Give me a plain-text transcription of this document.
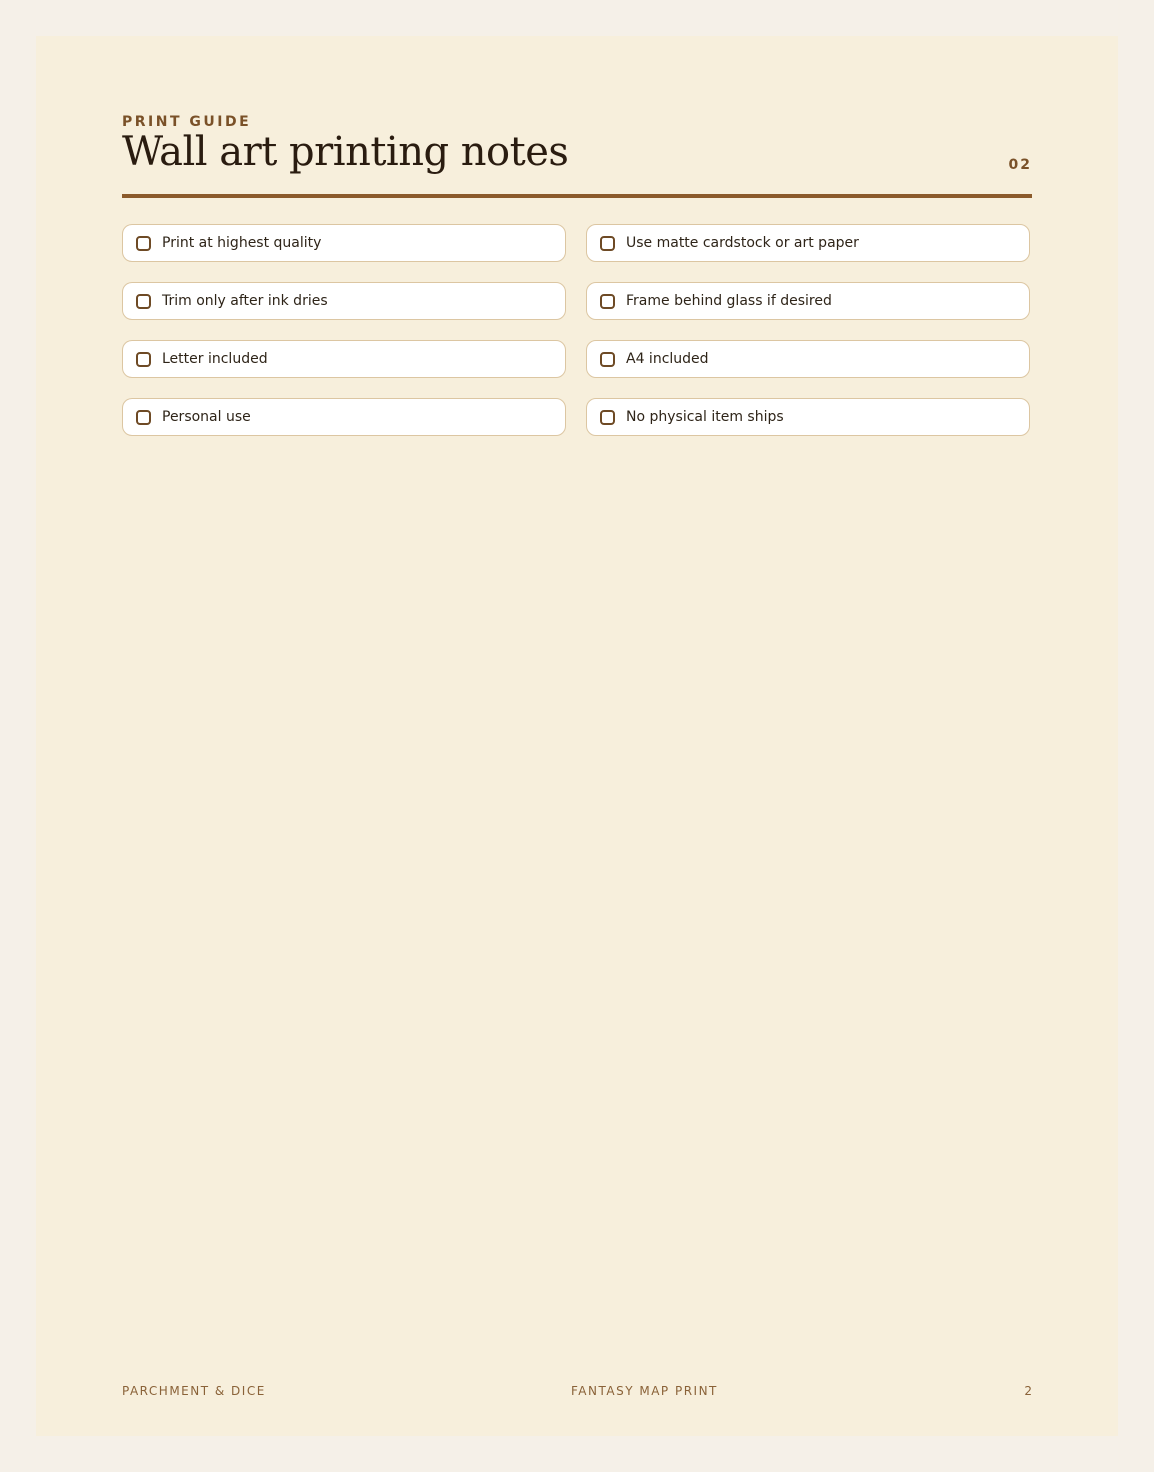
PRINT GUIDE
Wall art printing notes	02
Print at highest quality	Use matte cardstock or art paper
Trim only after ink dries	Frame behind glass if desired
Letter included	A4 included
Personal use	No physical item ships
PARCHMENT & DICE	FANTASY MAP PRINT	2
